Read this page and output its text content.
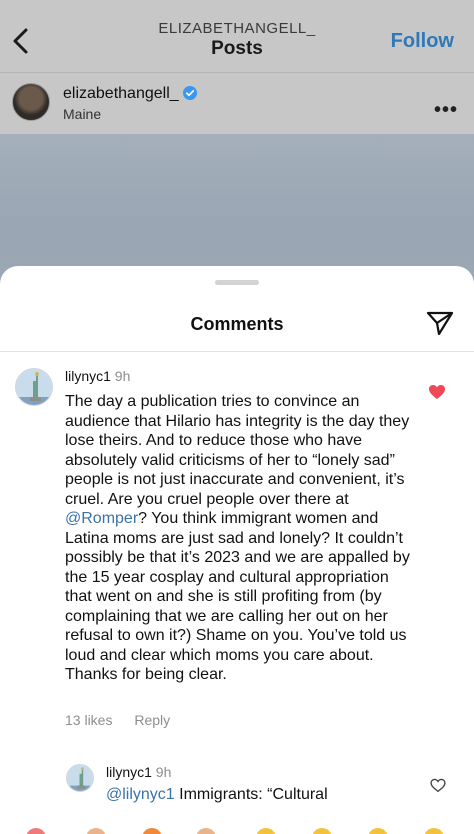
ELIZABETHANGELL_
Posts	Follow
elizabethangell_
Maine	•••
Comments
lilynyc1 9h
The day a publication tries to convince an audience that Hilario has integrity is the day they lose theirs. And to reduce those who have absolutely valid criticisms of her to “lonely sad” people is not just inaccurate and convenient, it’s cruel. Are you cruel people over there at @Romper? You think immigrant women and Latina moms are just sad and lonely? It couldn’t possibly be that it’s 2023 and we are appalled by the 15 year cosplay and cultural appropriation that went on and she is still profiting from (by complaining that we are calling her out on her refusal to own it?) Shame on you. You’ve told us loud and clear which moms you care about. Thanks for being clear.
13 likes Reply
lilynyc1 9h
@lilynyc1 Immigrants: “Cultural
